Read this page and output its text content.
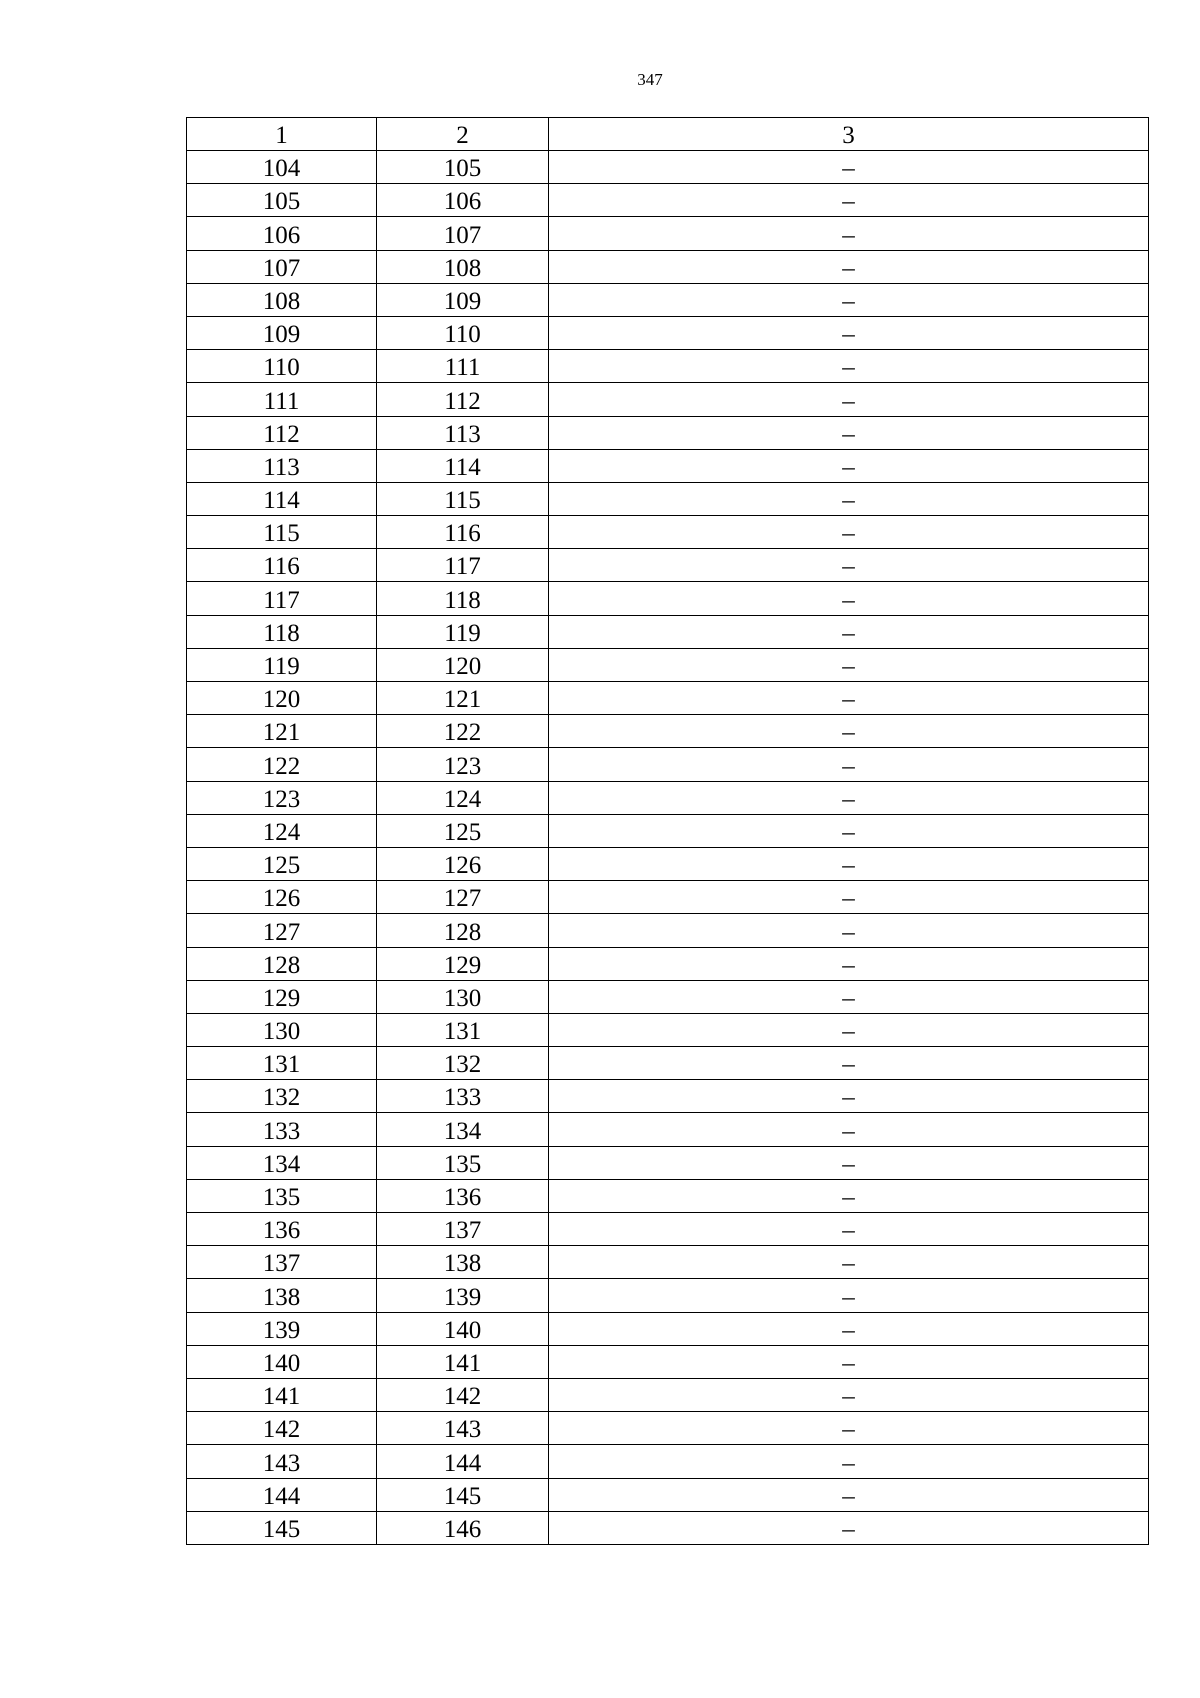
347
1	2	3
104	105	–
105	106	–
106	107	–
107	108	–
108	109	–
109	110	–
110	111	–
111	112	–
112	113	–
113	114	–
114	115	–
115	116	–
116	117	–
117	118	–
118	119	–
119	120	–
120	121	–
121	122	–
122	123	–
123	124	–
124	125	–
125	126	–
126	127	–
127	128	–
128	129	–
129	130	–
130	131	–
131	132	–
132	133	–
133	134	–
134	135	–
135	136	–
136	137	–
137	138	–
138	139	–
139	140	–
140	141	–
141	142	–
142	143	–
143	144	–
144	145	–
145	146	–
